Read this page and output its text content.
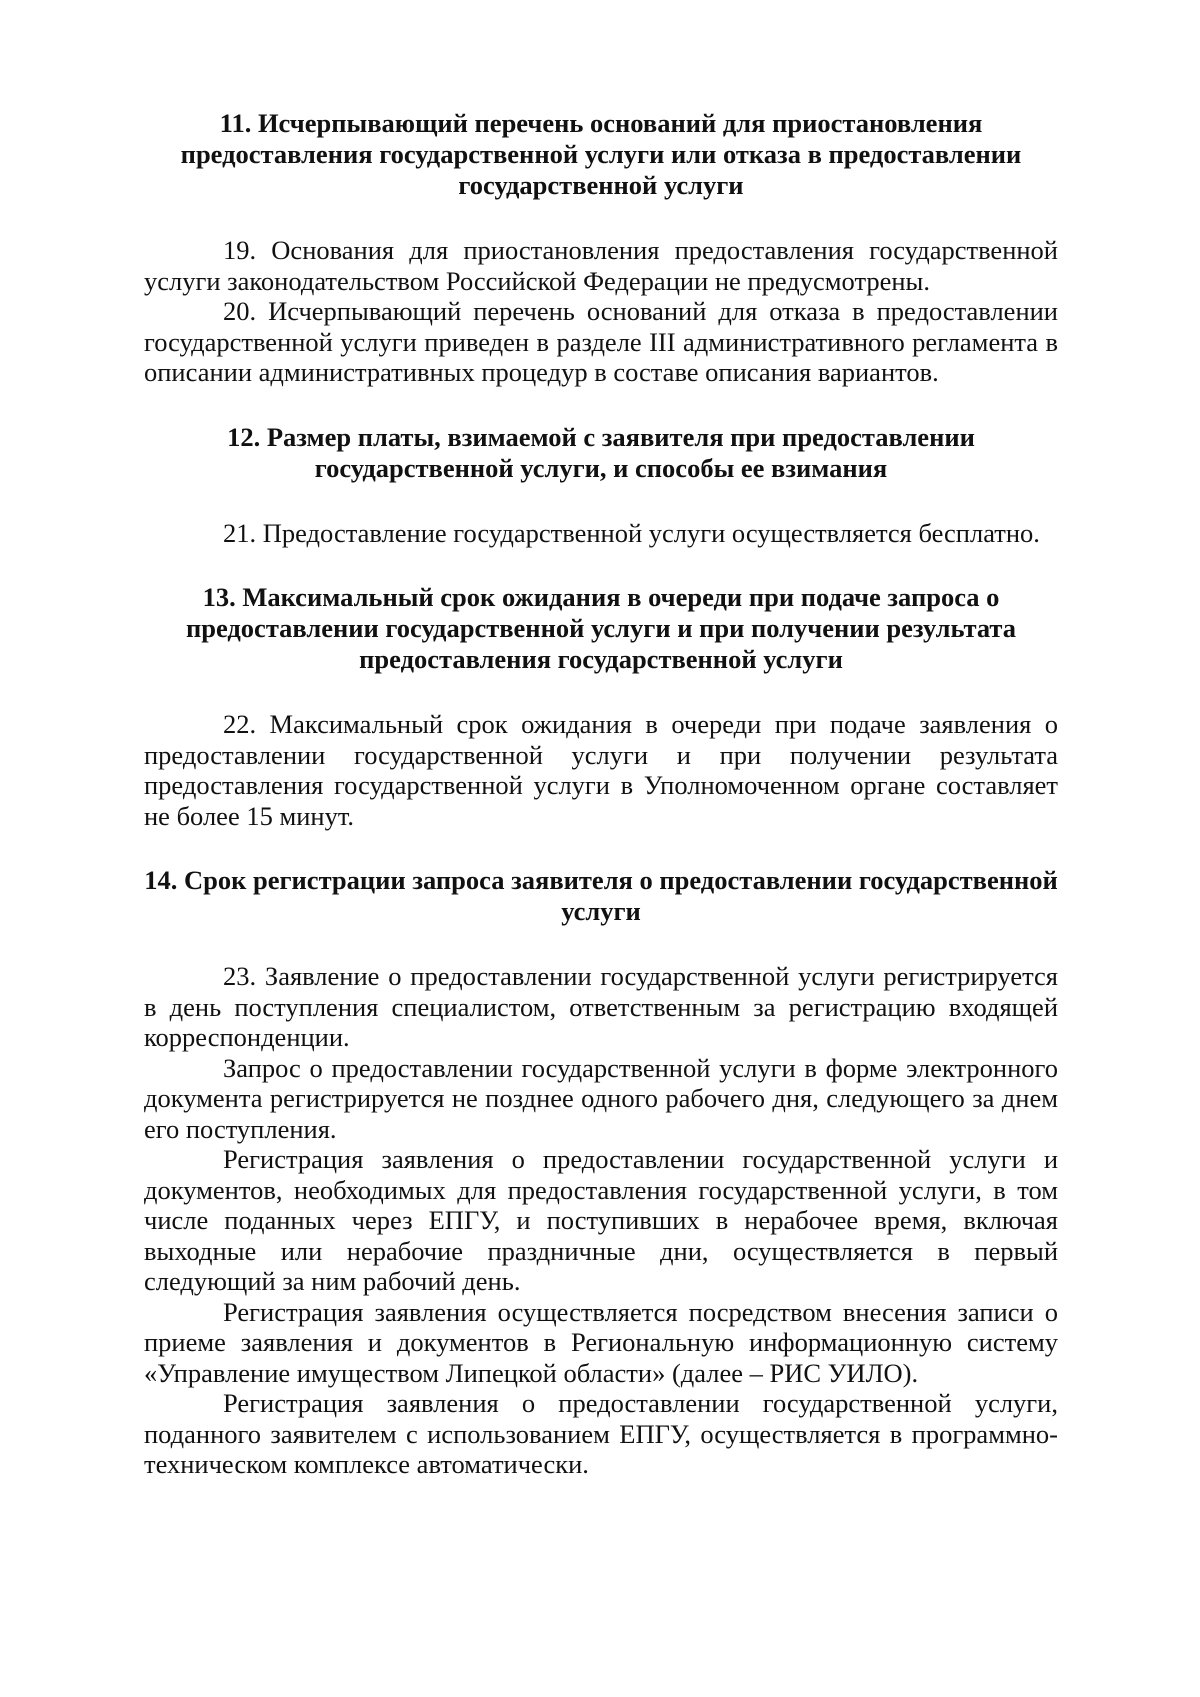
11. Исчерпывающий перечень оснований для приостановления предоставления государственной услуги или отказа в предоставлении государственной услуги

19. Основания для приостановления предоставления государственной услуги законодательством Российской Федерации не предусмотрены.

20. Исчерпывающий перечень оснований для отказа в предоставлении государственной услуги приведен в разделе III административного регламента в описании административных процедур в составе описания вариантов.

12. Размер платы, взимаемой с заявителя при предоставлении государственной услуги, и способы ее взимания

21. Предоставление государственной услуги осуществляется бесплатно.

13. Максимальный срок ожидания в очереди при подаче запроса о предоставлении государственной услуги и при получении результата предоставления государственной услуги

22. Максимальный срок ожидания в очереди при подаче заявления о предоставлении государственной услуги и при получении результата предоставления государственной услуги в Уполномоченном органе составляет не более 15 минут.

14. Срок регистрации запроса заявителя о предоставлении государственной услуги

23. Заявление о предоставлении государственной услуги регистрируется в день поступления специалистом, ответственным за регистрацию входящей корреспонденции.

Запрос о предоставлении государственной услуги в форме электронного документа регистрируется не позднее одного рабочего дня, следующего за днем его поступления.

Регистрация заявления о предоставлении государственной услуги и документов, необходимых для предоставления государственной услуги, в том числе поданных через ЕПГУ, и поступивших в нерабочее время, включая выходные или нерабочие праздничные дни, осуществляется в первый следующий за ним рабочий день.

Регистрация заявления осуществляется посредством внесения записи о приеме заявления и документов в Региональную информационную систему «Управление имуществом Липецкой области» (далее – РИС УИЛО).

Регистрация заявления о предоставлении государственной услуги, поданного заявителем с использованием ЕПГУ, осуществляется в программно-техническом комплексе автоматически.
